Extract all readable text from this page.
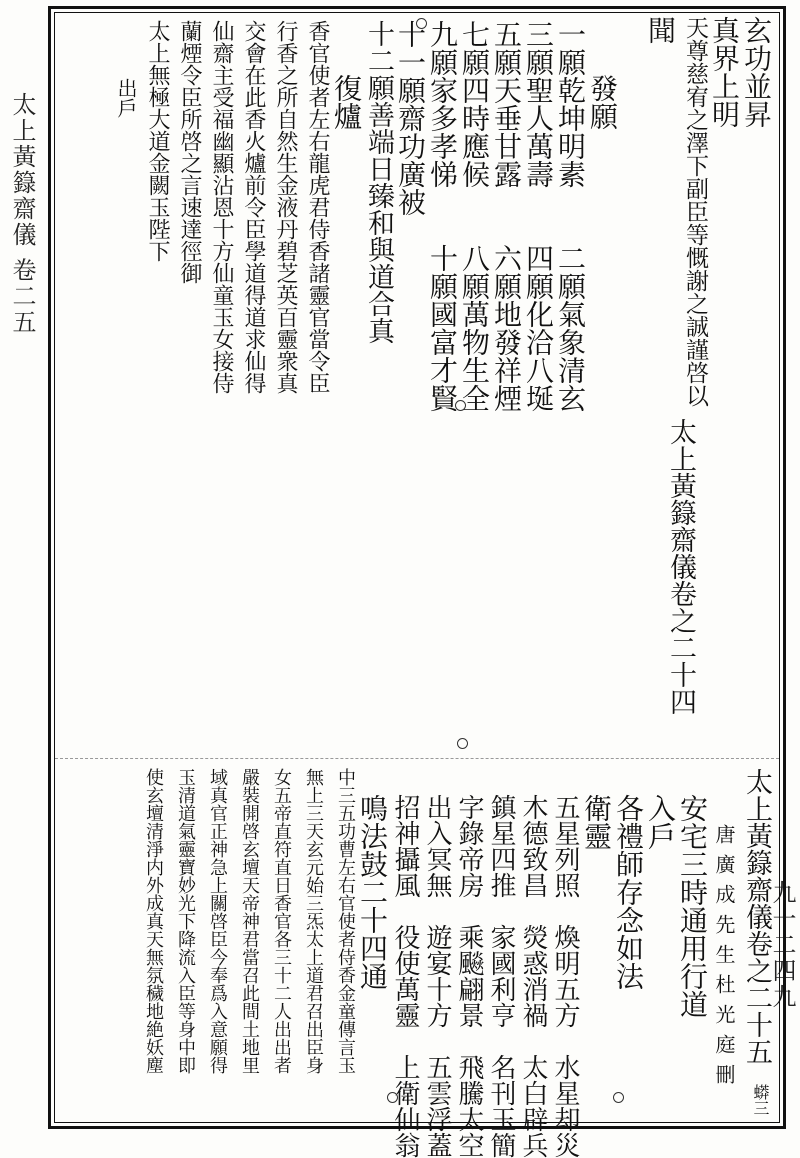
太上黃籙齋儀 卷二五
九一二四九
玄功並昇
真界上明
天尊慈宥之澤下副臣等慨謝之誠謹啓以
聞
發願
一願乾坤明素　　二願氣象清玄
三願聖人萬壽　　四願化洽八埏
五願天垂甘露　　六願地發祥煙
七願四時應候　　八願萬物生全
九願家多孝悌　　十願國富才賢
十一願齋功廣被
十二願善端日臻和與道合真
復爐
香官使者左右龍虎君侍香諸靈官當令臣
行香之所自然生金液丹碧芝英百靈衆真
交會在此香火爐前令臣學道得道求仙得
仙齋主受福幽顯沾恩十方仙童玉女接侍
蘭煙令臣所啓之言速達徑御
太上無極大道金闕玉陛下
出戶
太上黃籙齋儀卷之二十四
蟒三
太上黃籙齋儀卷之二十五
唐廣成先生杜光庭刪
安宅三時通用行道
入戶
各禮師存念如法
衛靈
五星列照　煥明五方　水星却災
木德致昌　熒惑消禍　太白辟兵
鎮星四推　家國利亨　名刊玉簡
字錄帝房　乘飈翩景　飛騰太空
出入冥無　遊宴十方　五雲浮蓋
招神攝風　役使萬靈　上衛仙翁
鳴法鼓二十四通
中三五功曹左右官使者侍香金童傳言玉
無上三天玄元始三炁太上道君召出臣身
女五帝直符直日香官各三十二人出出者
嚴裝開啓玄壇天帝神君當召此間土地里
域真官正神急上關啓臣今奉爲入意願得
玉清道氣靈寶妙光下降流入臣等身中即
使玄壇清淨内外成真天無氛穢地絶妖塵
